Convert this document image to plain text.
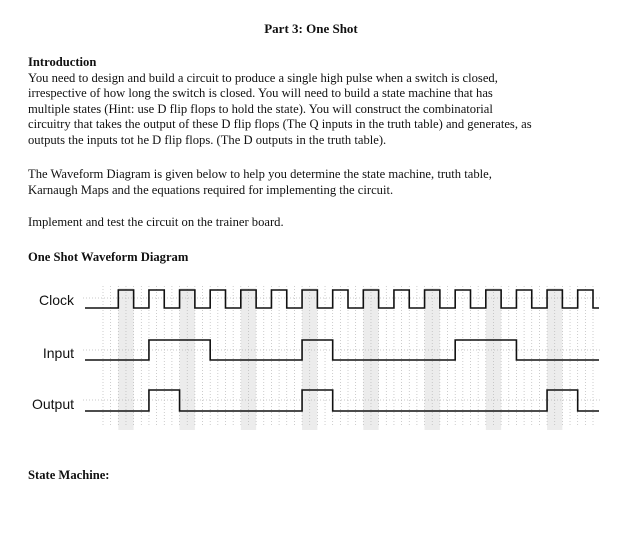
Part 3: One Shot
Introduction

You need to design and build a circuit to produce a single high pulse when a switch is closed,

irrespective of how long the switch is closed. You will need to build a state machine that has

multiple states (Hint: use D flip flops to hold the state). You will construct the combinatorial

circuitry that takes the output of these D flip flops (The Q inputs in the truth table) and generates, as

outputs the inputs tot he D flip flops. (The D outputs in the truth table).

The Waveform Diagram is given below to help you determine the state machine, truth table,

Karnaugh Maps and the equations required for implementing the circuit.

Implement and test the circuit on the trainer board.

One Shot Waveform Diagram
Clock
Input
Output
State Machine:
